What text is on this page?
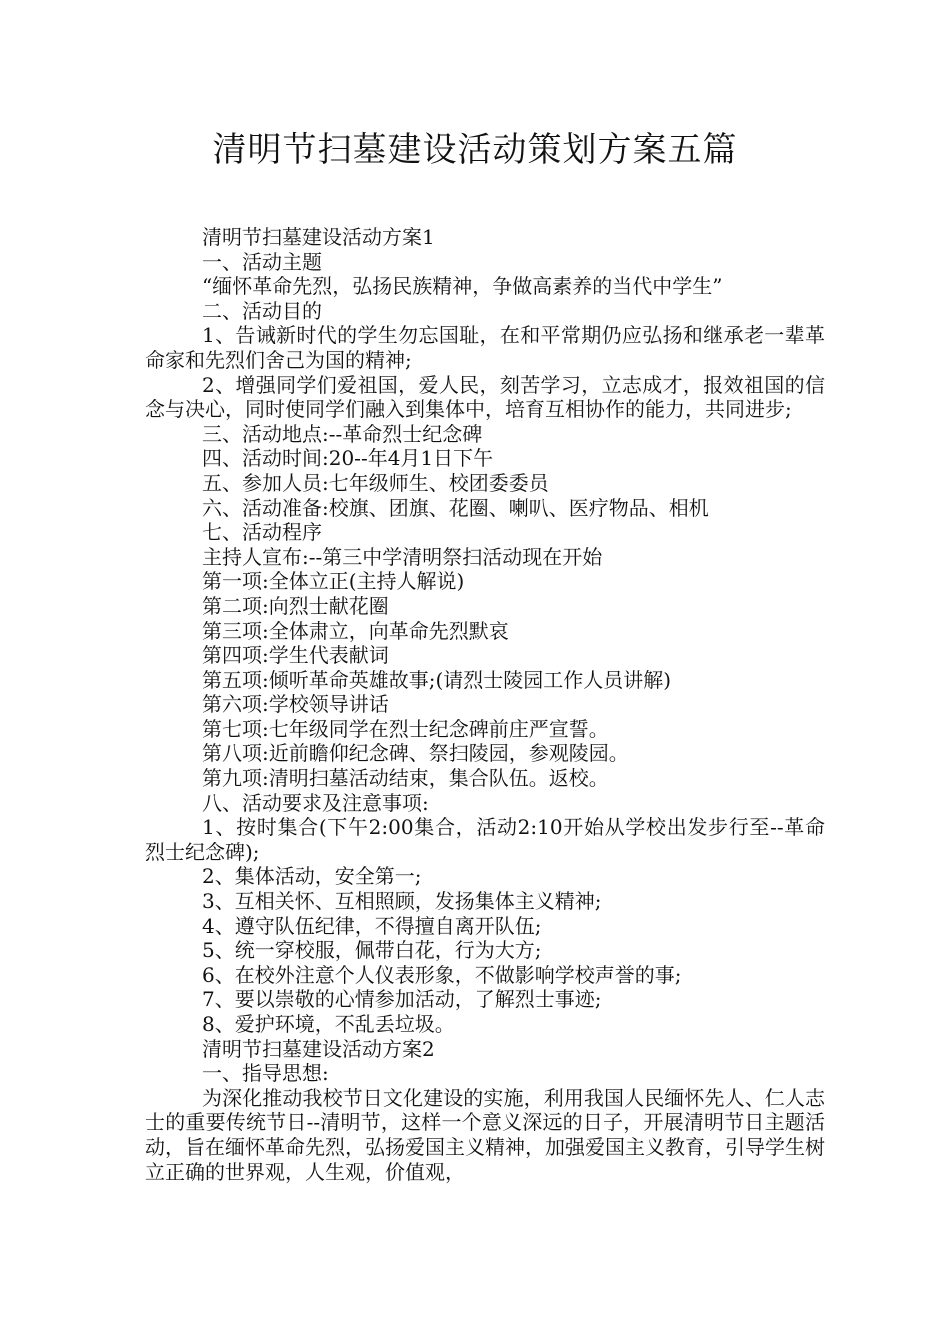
清明节扫墓建设活动策划方案五篇

清明节扫墓建设活动方案1

一、活动主题

“缅怀革命先烈，弘扬民族精神，争做高素养的当代中学生”

二、活动目的

1、告诫新时代的学生勿忘国耻，在和平常期仍应弘扬和继承老一辈革命家和先烈们舍己为国的精神;

2、增强同学们爱祖国，爱人民，刻苦学习，立志成才，报效祖国的信念与决心，同时使同学们融入到集体中，培育互相协作的能力，共同进步;

三、活动地点:--革命烈士纪念碑

四、活动时间:20--年4月1日下午

五、参加人员:七年级师生、校团委委员

六、活动准备:校旗、团旗、花圈、喇叭、医疗物品、相机

七、活动程序

主持人宣布:--第三中学清明祭扫活动现在开始

第一项:全体立正(主持人解说)

第二项:向烈士献花圈

第三项:全体肃立，向革命先烈默哀

第四项:学生代表献词

第五项:倾听革命英雄故事;(请烈士陵园工作人员讲解)

第六项:学校领导讲话

第七项:七年级同学在烈士纪念碑前庄严宣誓。

第八项:近前瞻仰纪念碑、祭扫陵园，参观陵园。

第九项:清明扫墓活动结束，集合队伍。返校。

八、活动要求及注意事项:

1、按时集合(下午2:00集合，活动2:10开始从学校出发步行至--革命烈士纪念碑);

2、集体活动，安全第一;

3、互相关怀、互相照顾，发扬集体主义精神;

4、遵守队伍纪律，不得擅自离开队伍;

5、统一穿校服，佩带白花，行为大方;

6、在校外注意个人仪表形象，不做影响学校声誉的事;

7、要以崇敬的心情参加活动，了解烈士事迹;

8、爱护环境，不乱丢垃圾。

清明节扫墓建设活动方案2

一、指导思想:

为深化推动我校节日文化建设的实施，利用我国人民缅怀先人、仁人志士的重要传统节日--清明节，这样一个意义深远的日子，开展清明节日主题活动，旨在缅怀革命先烈，弘扬爱国主义精神，加强爱国主义教育，引导学生树立正确的世界观，人生观，价值观，
